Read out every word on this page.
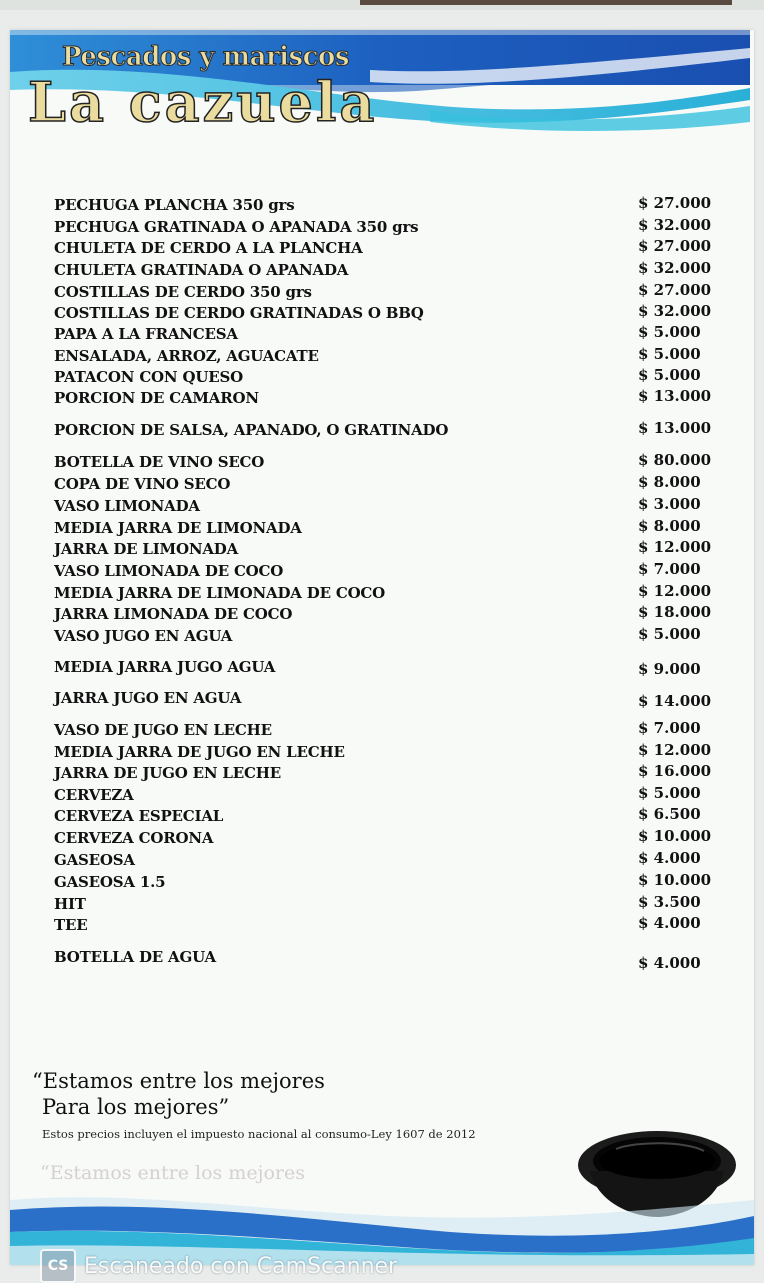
Pescados y mariscos
La cazuela
PECHUGA PLANCHA 350 grs	$ 27.000
PECHUGA GRATINADA O APANADA 350 grs	$ 32.000
CHULETA DE CERDO A LA PLANCHA	$ 27.000
CHULETA GRATINADA O APANADA	$ 32.000
COSTILLAS DE CERDO 350 grs	$ 27.000
COSTILLAS DE CERDO GRATINADAS O BBQ	$ 32.000
PAPA A LA FRANCESA	$ 5.000
ENSALADA, ARROZ, AGUACATE	$ 5.000
PATACON CON QUESO	$ 5.000
PORCION DE CAMARON	$ 13.000
PORCION DE SALSA, APANADO, O GRATINADO	$ 13.000
BOTELLA DE VINO SECO	$ 80.000
COPA DE VINO SECO	$ 8.000
VASO LIMONADA	$ 3.000
MEDIA JARRA DE LIMONADA	$ 8.000
JARRA DE LIMONADA	$ 12.000
VASO LIMONADA DE COCO	$ 7.000
MEDIA JARRA DE LIMONADA DE COCO	$ 12.000
JARRA LIMONADA DE COCO	$ 18.000
VASO JUGO EN AGUA	$ 5.000
MEDIA JARRA JUGO AGUA	$ 9.000
JARRA JUGO EN AGUA	$ 14.000
VASO DE JUGO EN LECHE	$ 7.000
MEDIA JARRA DE JUGO EN LECHE	$ 12.000
JARRA DE JUGO EN LECHE	$ 16.000
CERVEZA	$ 5.000
CERVEZA ESPECIAL	$ 6.500
CERVEZA CORONA	$ 10.000
GASEOSA	$ 4.000
GASEOSA 1.5	$ 10.000
HIT	$ 3.500
TEE	$ 4.000
BOTELLA DE AGUA	$ 4.000
“Estamos entre los mejores
Para los mejores”
Estos precios incluyen el impuesto nacional al consumo-Ley 1607 de 2012
“Estamos entre los mejores
CS Escaneado con CamScanner
